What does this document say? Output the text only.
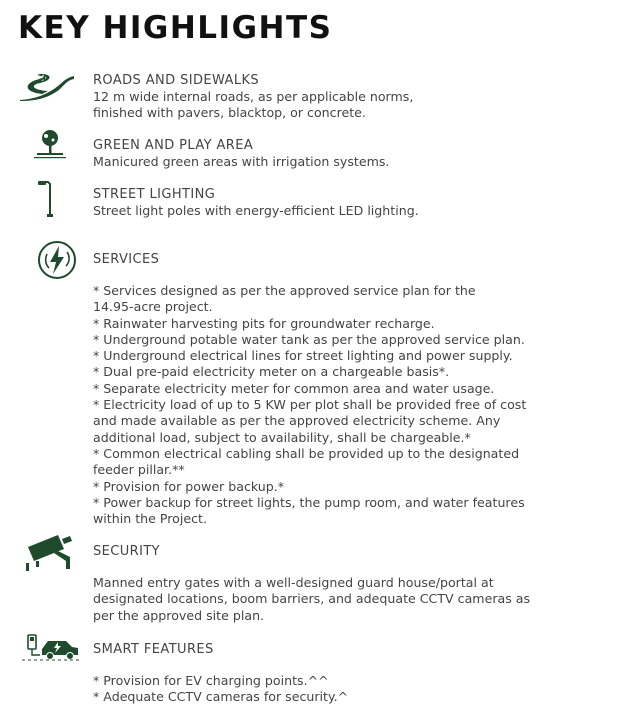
KEY HIGHLIGHTS
ROADS AND SIDEWALKS
12 m wide internal roads, as per applicable norms,
finished with pavers, blacktop, or concrete.
GREEN AND PLAY AREA
Manicured green areas with irrigation systems.
STREET LIGHTING
Street light poles with energy-efficient LED lighting.
SERVICES
* Services designed as per the approved service plan for the
14.95-acre project.
* Rainwater harvesting pits for groundwater recharge.
* Underground potable water tank as per the approved service plan.
* Underground electrical lines for street lighting and power supply.
* Dual pre-paid electricity meter on a chargeable basis*.
* Separate electricity meter for common area and water usage.
* Electricity load of up to 5 KW per plot shall be provided free of cost
and made available as per the approved electricity scheme. Any
additional load, subject to availability, shall be chargeable.*
* Common electrical cabling shall be provided up to the designated
feeder pillar.**
* Provision for power backup.*
* Power backup for street lights, the pump room, and water features
within the Project.
SECURITY
Manned entry gates with a well-designed guard house/portal at
designated locations, boom barriers, and adequate CCTV cameras as
per the approved site plan.
SMART FEATURES
* Provision for EV charging points.^^
* Adequate CCTV cameras for security.^
